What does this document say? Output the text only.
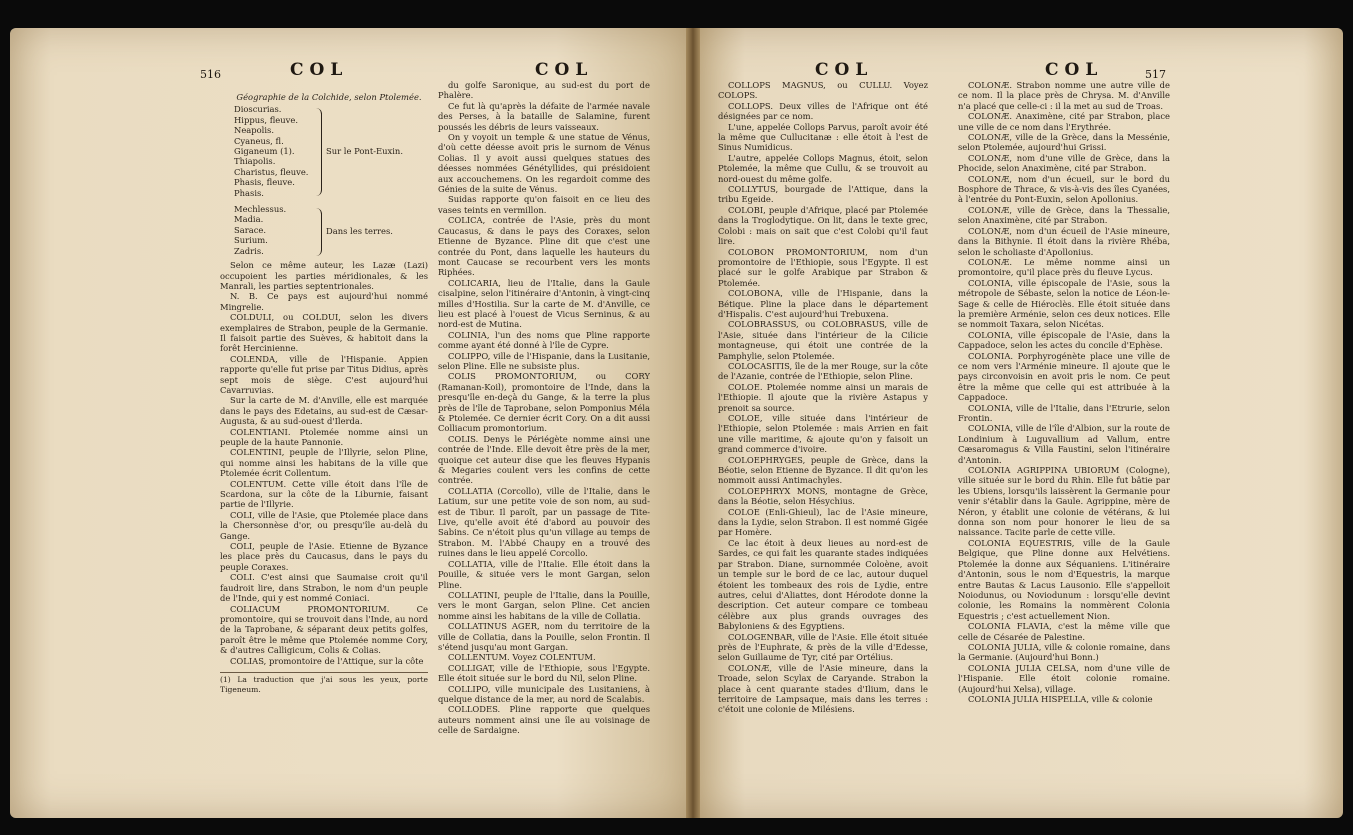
516	COL	COL	COL	COL	517

Géographie de la Colchide, selon Ptolemée.

Dioscurias.
Hippus, fleuve.
Neapolis.
Cyaneus, fl.
Giganeum (1).
Thiapolis.
Charistus, fleuve.
Phasis, fleuve.
Phasis.
Sur le Pont-Euxin.
Mechlessus.
Madia.
Sarace.
Surium.
Zadris.
Dans les terres.

Selon ce même auteur, les Lazæ (Lazi) occupoient les parties méridionales, & les Manrali, les parties septentrionales.

N. B. Ce pays est aujourd'hui nommé Mingrelie.

COLDULI, ou COLDUI, selon les divers exemplaires de Strabon, peuple de la Germanie. Il faisoit partie des Suèves, & habitoit dans la forêt Hercinienne.

COLENDA, ville de l'Hispanie. Appien rapporte qu'elle fut prise par Titus Didius, après sept mois de siège. C'est aujourd'hui Cavarruvias.

Sur la carte de M. d'Anville, elle est marquée dans le pays des Edetains, au sud-est de Cæsar-Augusta, & au sud-ouest d'Ilerda.

COLENTIANI. Ptolemée nomme ainsi un peuple de la haute Pannonie.

COLENTINI, peuple de l'Illyrie, selon Pline, qui nomme ainsi les habitans de la ville que Ptolemée écrit Collentum.

COLENTUM. Cette ville étoit dans l'île de Scardona, sur la côte de la Liburnie, faisant partie de l'Illyrie.

COLI, ville de l'Asie, que Ptolemée place dans la Chersonnèse d'or, ou presqu'île au-delà du Gange.

COLI, peuple de l'Asie. Etienne de Byzance les place près du Caucasus, dans le pays du peuple Coraxes.

COLI. C'est ainsi que Saumaise croit qu'il faudroit lire, dans Strabon, le nom d'un peuple de l'Inde, qui y est nommé Coniaci.

COLIACUM PROMONTORIUM. Ce promontoire, qui se trouvoit dans l'Inde, au nord de la Taprobane, & séparant deux petits golfes, paroît être le même que Ptolemée nomme Cory, & d'autres Calligicum, Colis & Colias.

COLIAS, promontoire de l'Attique, sur la côte

(1) La traduction que j'ai sous les yeux, porte Tigeneum.

du golfe Saronique, au sud-est du port de Phalère.

Ce fut là qu'après la défaite de l'armée navale des Perses, à la bataille de Salamine, furent poussés les débris de leurs vaisseaux.

On y voyoit un temple & une statue de Vénus, d'où cette déesse avoit pris le surnom de Vénus Colias. Il y avoit aussi quelques statues des déesses nommées Génétyllides, qui présidoient aux accouchemens. On les regardoit comme des Génies de la suite de Vénus.

Suidas rapporte qu'on faisoit en ce lieu des vases teints en vermillon.

COLICA, contrée de l'Asie, près du mont Caucasus, & dans le pays des Coraxes, selon Etienne de Byzance. Pline dit que c'est une contrée du Pont, dans laquelle les hauteurs du mont Caucase se recourbent vers les monts Riphées.

COLICARIA, lieu de l'Italie, dans la Gaule cisalpine, selon l'itinéraire d'Antonin, à vingt-cinq milles d'Hostilia. Sur la carte de M. d'Anville, ce lieu est placé à l'ouest de Vicus Serninus, & au nord-est de Mutina.

COLINIA, l'un des noms que Pline rapporte comme ayant été donné à l'île de Cypre.

COLIPPO, ville de l'Hispanie, dans la Lusitanie, selon Pline. Elle ne subsiste plus.

COLIS PROMONTORIUM, ou CORY (Ramanan-Koil), promontoire de l'Inde, dans la presqu'île en-deçà du Gange, & la terre la plus près de l'île de Taprobane, selon Pomponius Méla & Ptolemée. Ce dernier écrit Cory. On a dit aussi Colliacum promontorium.

COLIS. Denys le Périégète nomme ainsi une contrée de l'Inde. Elle devoit être près de la mer, quoique cet auteur dise que les fleuves Hypanis & Megaries coulent vers les confins de cette contrée.

COLLATIA (Corcollo), ville de l'Italie, dans le Latium, sur une petite voie de son nom, au sud-est de Tibur. Il paroît, par un passage de Tite-Live, qu'elle avoit été d'abord au pouvoir des Sabins. Ce n'étoit plus qu'un village au temps de Strabon. M. l'Abbé Chaupy en a trouvé des ruines dans le lieu appelé Corcollo.

COLLATIA, ville de l'Italie. Elle étoit dans la Pouille, & située vers le mont Gargan, selon Pline.

COLLATINI, peuple de l'Italie, dans la Pouille, vers le mont Gargan, selon Pline. Cet ancien nomme ainsi les habitans de la ville de Collatia.

COLLATINUS AGER, nom du territoire de la ville de Collatia, dans la Pouille, selon Frontin. Il s'étend jusqu'au mont Gargan.

COLLENTUM. Voyez COLENTUM.

COLLIGAT, ville de l'Ethiopie, sous l'Egypte. Elle étoit située sur le bord du Nil, selon Pline.

COLLIPO, ville municipale des Lusitaniens, à quelque distance de la mer, au nord de Scalabis.

COLLODES. Pline rapporte que quelques auteurs nomment ainsi une île au voisinage de celle de Sardaigne.

COLLOPS MAGNUS, ou CULLU. Voyez COLOPS.

COLLOPS. Deux villes de l'Afrique ont été désignées par ce nom.

L'une, appelée Collops Parvus, paroît avoir été la même que Cullucitanæ : elle étoit à l'est de Sinus Numidicus.

L'autre, appelée Collops Magnus, étoit, selon Ptolemée, la même que Cullu, & se trouvoit au nord-ouest du même golfe.

COLLYTUS, bourgade de l'Attique, dans la tribu Egeide.

COLOBI, peuple d'Afrique, placé par Ptolemée dans la Troglodytique. On lit, dans le texte grec, Colobi : mais on sait que c'est Colobi qu'il faut lire.

COLOBON PROMONTORIUM, nom d'un promontoire de l'Ethiopie, sous l'Egypte. Il est placé sur le golfe Arabique par Strabon & Ptolemée.

COLOBONA, ville de l'Hispanie, dans la Bétique. Pline la place dans le département d'Hispalis. C'est aujourd'hui Trebuxena.

COLOBRASSUS, ou COLOBRASUS, ville de l'Asie, située dans l'intérieur de la Cilicie montagneuse, qui étoit une contrée de la Pamphylie, selon Ptolemée.

COLOCASITIS, île de la mer Rouge, sur la côte de l'Azanie, contrée de l'Ethiopie, selon Pline.

COLOE. Ptolemée nomme ainsi un marais de l'Ethiopie. Il ajoute que la rivière Astapus y prenoit sa source.

COLOE, ville située dans l'intérieur de l'Ethiopie, selon Ptolemée : mais Arrien en fait une ville maritime, & ajoute qu'on y faisoit un grand commerce d'ivoire.

COLOEPHRYGES, peuple de Grèce, dans la Béotie, selon Etienne de Byzance. Il dit qu'on les nommoit aussi Antimachyles.

COLOEPHRYX MONS, montagne de Grèce, dans la Béotie, selon Hésychius.

COLOE (Enli-Ghieul), lac de l'Asie mineure, dans la Lydie, selon Strabon. Il est nommé Gigée par Homère.

Ce lac étoit à deux lieues au nord-est de Sardes, ce qui fait les quarante stades indiquées par Strabon. Diane, surnommée Coloène, avoit un temple sur le bord de ce lac, autour duquel étoient les tombeaux des rois de Lydie, entre autres, celui d'Aliattes, dont Hérodote donne la description. Cet auteur compare ce tombeau célèbre aux plus grands ouvrages des Babyloniens & des Egyptiens.

COLOGENBAR, ville de l'Asie. Elle étoit située près de l'Euphrate, & près de la ville d'Edesse, selon Guillaume de Tyr, cité par Ortélius.

COLONÆ, ville de l'Asie mineure, dans la Troade, selon Scylax de Caryande. Strabon la place à cent quarante stades d'Ilium, dans le territoire de Lampsaque, mais dans les terres : c'étoit une colonie de Milésiens.

COLONÆ. Strabon nomme une autre ville de ce nom. Il la place près de Chrysa. M. d'Anville n'a placé que celle-ci : il la met au sud de Troas.

COLONÆ. Anaximène, cité par Strabon, place une ville de ce nom dans l'Erythrée.

COLONÆ, ville de la Grèce, dans la Messénie, selon Ptolemée, aujourd'hui Grissi.

COLONÆ, nom d'une ville de Grèce, dans la Phocide, selon Anaximène, cité par Strabon.

COLONÆ, nom d'un écueil, sur le bord du Bosphore de Thrace, & vis-à-vis des îles Cyanées, à l'entrée du Pont-Euxin, selon Apollonius.

COLONÆ, ville de Grèce, dans la Thessalie, selon Anaximène, cité par Strabon.

COLONÆ, nom d'un écueil de l'Asie mineure, dans la Bithynie. Il étoit dans la rivière Rhéba, selon le scholiaste d'Apollonius.

COLONÆ. Le même nomme ainsi un promontoire, qu'il place près du fleuve Lycus.

COLONIA, ville épiscopale de l'Asie, sous la métropole de Sébaste, selon la notice de Léon-le-Sage & celle de Hiéroclès. Elle étoit située dans la première Arménie, selon ces deux notices. Elle se nommoit Taxara, selon Nicétas.

COLONIA, ville épiscopale de l'Asie, dans la Cappadoce, selon les actes du concile d'Ephèse.

COLONIA. Porphyrogénète place une ville de ce nom vers l'Arménie mineure. Il ajoute que le pays circonvoisin en avoit pris le nom. Ce peut être la même que celle qui est attribuée à la Cappadoce.

COLONIA, ville de l'Italie, dans l'Etrurie, selon Frontin.

COLONIA, ville de l'île d'Albion, sur la route de Londinium à Luguvallium ad Vallum, entre Cæsaromagus & Villa Faustini, selon l'itinéraire d'Antonin.

COLONIA AGRIPPINA UBIORUM (Cologne), ville située sur le bord du Rhin. Elle fut bâtie par les Ubiens, lorsqu'ils laissèrent la Germanie pour venir s'établir dans la Gaule. Agrippine, mère de Néron, y établit une colonie de vétérans, & lui donna son nom pour honorer le lieu de sa naissance. Tacite parle de cette ville.

COLONIA EQUESTRIS, ville de la Gaule Belgique, que Pline donne aux Helvétiens. Ptolemée la donne aux Séquaniens. L'itinéraire d'Antonin, sous le nom d'Equestris, la marque entre Bautas & Lacus Lausonio. Elle s'appelloit Noiodunus, ou Noviodunum : lorsqu'elle devint colonie, les Romains la nommèrent Colonia Equestris ; c'est actuellement Nion.

COLONIA FLAVIA, c'est la même ville que celle de Césarée de Palestine.

COLONIA JULIA, ville & colonie romaine, dans la Germanie. (Aujourd'hui Bonn.)

COLONIA JULIA CELSA, nom d'une ville de l'Hispanie. Elle étoit colonie romaine. (Aujourd'hui Xelsa), village.

COLONIA JULIA HISPELLA, ville & colonie
